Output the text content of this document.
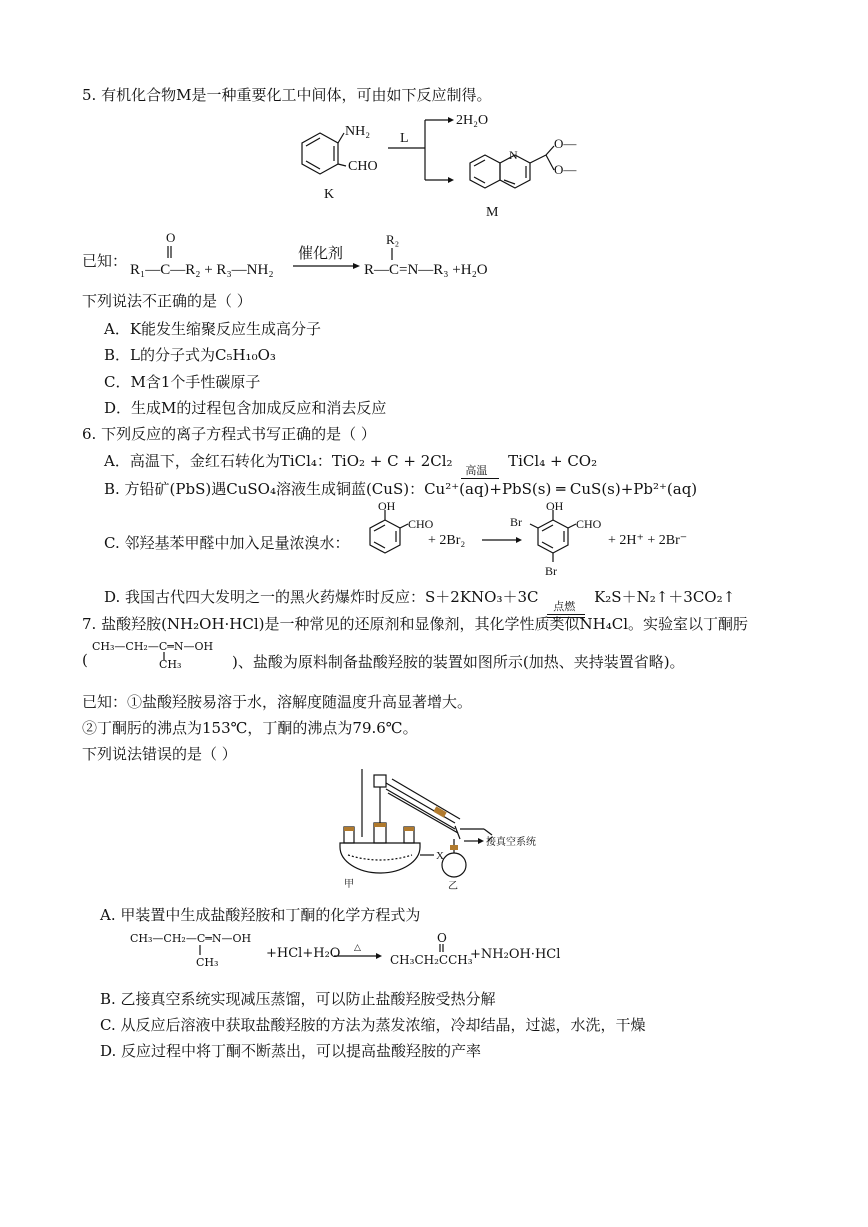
5. 有机化合物M是一种重要化工中间体，可由如下反应制得。
NH₂
CHO
K
L
2H₂O
N
O—
O—
M
已知：
O
R₁—C—R₂ + R₃—NH₂
催化剂
R₂
R—C=N—R₃ +H₂O
下列说法不正确的是（ ）
A．K能发生缩聚反应生成高分子
B．L的分子式为C₅H₁₀O₃
C．M含1个手性碳原子
D．生成M的过程包含加成反应和消去反应
6. 下列反应的离子方程式书写正确的是（ ）
A．高温下，金红石转化为TiCl₄：TiO₂ + C + 2Cl₂
高温
TiCl₄ + CO₂
B. 方铅矿(PbS)遇CuSO₄溶液生成铜蓝(CuS)：Cu²⁺(aq)+PbS(s) ═ CuS(s)+Pb²⁺(aq)
C. 邻羟基苯甲醛中加入足量浓溴水：
OH
CHO
+ 2Br₂
OH
Br	CHO
Br
+ 2H⁺ + 2Br⁻
D. 我国古代四大发明之一的黑火药爆炸时反应：S＋2KNO₃＋3C
点燃
K₂S＋N₂↑＋3CO₂↑
7. 盐酸羟胺(NH₂OH·HCl)是一种常见的还原剂和显像剂，其化学性质类似NH₄Cl。实验室以丁酮肟
(
CH₃—CH₂—C═N—OH
CH₃	)、盐酸为原料制备盐酸羟胺的装置如图所示(加热、夹持装置省略)。
已知：①盐酸羟胺易溶于水，溶解度随温度升高显著增大。
②丁酮肟的沸点为153℃，丁酮的沸点为79.6℃。
下列说法错误的是（ ）
X
甲	乙
接真空系统
A. 甲装置中生成盐酸羟胺和丁酮的化学方程式为
CH₃—CH₂—C═N—OH
CH₃
+HCl+H₂O △
O
CH₃CH₂CCH₃
+NH₂OH·HCl
B. 乙接真空系统实现减压蒸馏，可以防止盐酸羟胺受热分解
C. 从反应后溶液中获取盐酸羟胺的方法为蒸发浓缩，冷却结晶，过滤，水洗，干燥
D. 反应过程中将丁酮不断蒸出，可以提高盐酸羟胺的产率
